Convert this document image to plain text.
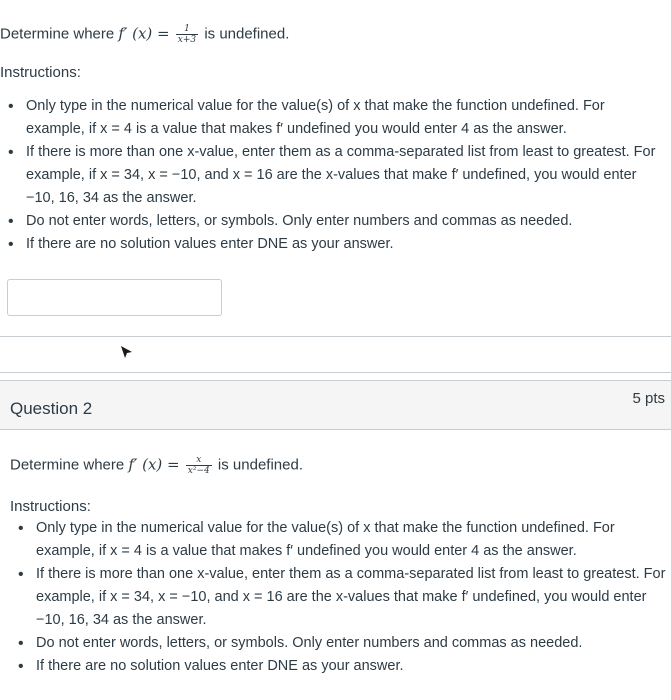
Determine where f′ $(x) = \frac{1}{x+3}$ is undefined.
Instructions:
• Only type in the numerical value for the value(s) of x that make the function undefined. For example, if x = 4 is a value that makes f′ undefined you would enter 4 as the answer.
• If there is more than one x-value, enter them as a comma-separated list from least to greatest. For example, if x = 34, x = −10, and x = 16 are the x-values that make f′ undefined, you would enter −10, 16, 34 as the answer.
• Do not enter words, letters, or symbols. Only enter numbers and commas as needed.
• If there are no solution values enter DNE as your answer.
Question 2
5 pts
Determine where f′ $(x) = \frac{x}{\text{x²−4}}$ is undefined.
Instructions:
• Only type in the numerical value for the value(s) of x that make the function undefined. For example, if x = 4 is a value that makes f′ undefined you would enter 4 as the answer.
• If there is more than one x-value, enter them as a comma-separated list from least to greatest. For example, if x = 34, x = −10, and x = 16 are the x-values that make f′ undefined, you would enter −10, 16, 34 as the answer.
• Do not enter words, letters, or symbols. Only enter numbers and commas as needed.
• If there are no solution values enter DNE as your answer.
